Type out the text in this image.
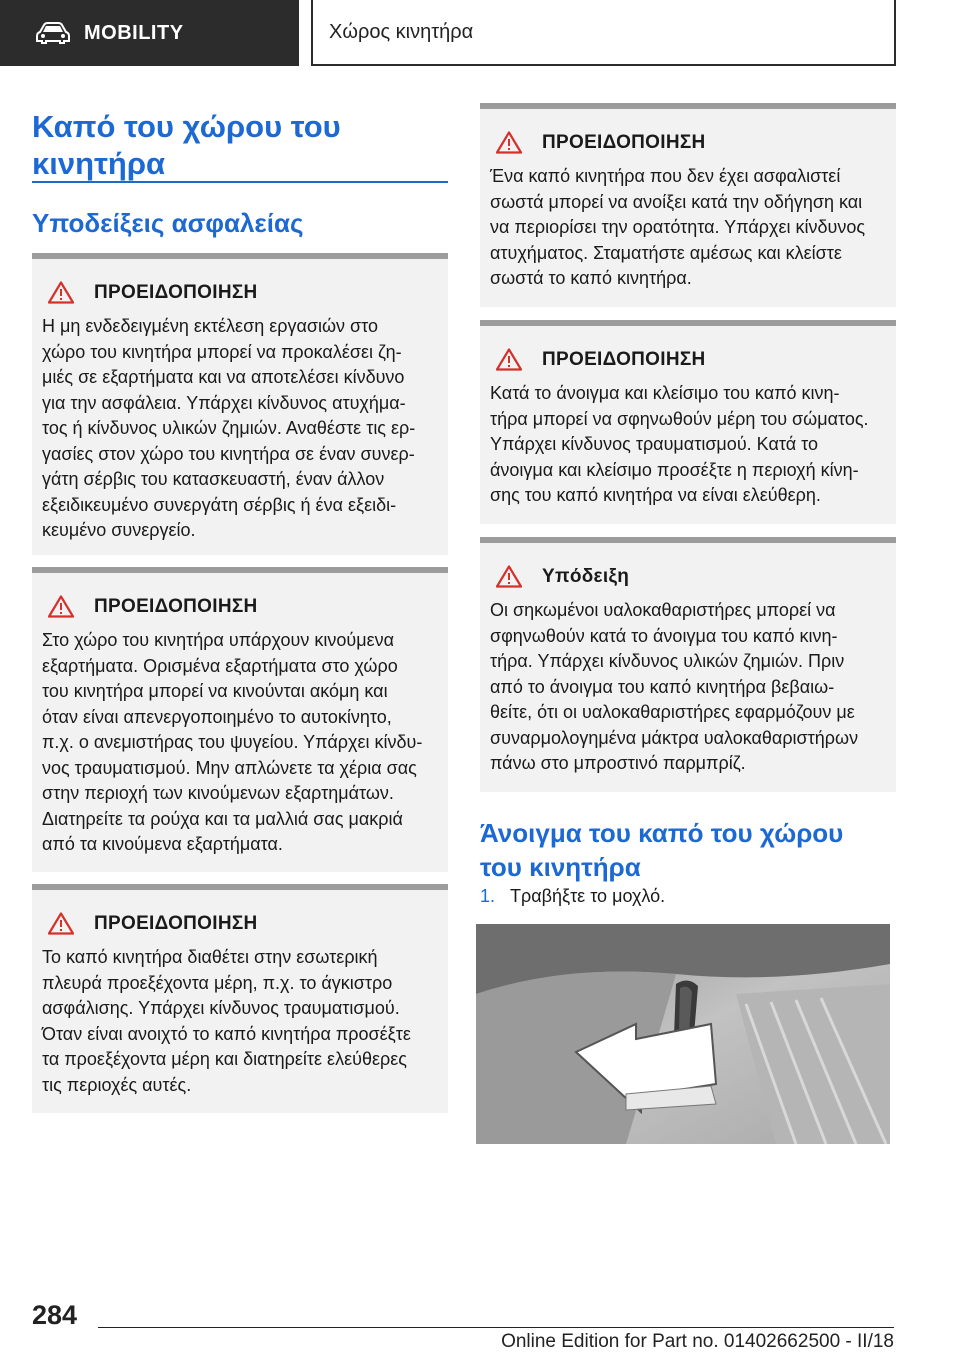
MOBILITY	Χώρος κινητήρα
Καπό του χώρου του
κινητήρα
Υποδείξεις ασφαλείας
ΠΡΟΕΙΔΟΠΟΙΗΣΗ
Η μη ενδεδειγμένη εκτέλεση εργασιών στο
χώρο του κινητήρα μπορεί να προκαλέσει ζη‐
μιές σε εξαρτήματα και να αποτελέσει κίνδυνο
για την ασφάλεια. Υπάρχει κίνδυνος ατυχήμα‐
τος ή κίνδυνος υλικών ζημιών. Αναθέστε τις ερ‐
γασίες στον χώρο του κινητήρα σε έναν συνερ‐
γάτη σέρβις του κατασκευαστή, έναν άλλον
εξειδικευμένο συνεργάτη σέρβις ή ένα εξειδι‐
κευμένο συνεργείο.
ΠΡΟΕΙΔΟΠΟΙΗΣΗ
Στο χώρο του κινητήρα υπάρχουν κινούμενα
εξαρτήματα. Ορισμένα εξαρτήματα στο χώρο
του κινητήρα μπορεί να κινούνται ακόμη και
όταν είναι απενεργοποιημένο το αυτοκίνητο,
π.χ. ο ανεμιστήρας του ψυγείου. Υπάρχει κίνδυ‐
νος τραυματισμού. Μην απλώνετε τα χέρια σας
στην περιοχή των κινούμενων εξαρτημάτων.
Διατηρείτε τα ρούχα και τα μαλλιά σας μακριά
από τα κινούμενα εξαρτήματα.
ΠΡΟΕΙΔΟΠΟΙΗΣΗ
Το καπό κινητήρα διαθέτει στην εσωτερική
πλευρά προεξέχοντα μέρη, π.χ. το άγκιστρο
ασφάλισης. Υπάρχει κίνδυνος τραυματισμού.
Όταν είναι ανοιχτό το καπό κινητήρα προσέξτε
τα προεξέχοντα μέρη και διατηρείτε ελεύθερες
τις περιοχές αυτές.
ΠΡΟΕΙΔΟΠΟΙΗΣΗ
Ένα καπό κινητήρα που δεν έχει ασφαλιστεί
σωστά μπορεί να ανοίξει κατά την οδήγηση και
να περιορίσει την ορατότητα. Υπάρχει κίνδυνος
ατυχήματος. Σταματήστε αμέσως και κλείστε
σωστά το καπό κινητήρα.
ΠΡΟΕΙΔΟΠΟΙΗΣΗ
Κατά το άνοιγμα και κλείσιμο του καπό κινη‐
τήρα μπορεί να σφηνωθούν μέρη του σώματος.
Υπάρχει κίνδυνος τραυματισμού. Κατά το
άνοιγμα και κλείσιμο προσέξτε η περιοχή κίνη‐
σης του καπό κινητήρα να είναι ελεύθερη.
Υπόδειξη
Οι σηκωμένοι υαλοκαθαριστήρες μπορεί να
σφηνωθούν κατά το άνοιγμα του καπό κινη‐
τήρα. Υπάρχει κίνδυνος υλικών ζημιών. Πριν
από το άνοιγμα του καπό κινητήρα βεβαιω‐
θείτε, ότι οι υαλοκαθαριστήρες εφαρμόζουν με
συναρμολογημένα μάκτρα υαλοκαθαριστήρων
πάνω στο μπροστινό παρμπρίζ.
Άνοιγμα του καπό του χώρου
του κινητήρα
1. Τραβήξτε το μοχλό.
284
Online Edition for Part no. 01402662500 - II/18
